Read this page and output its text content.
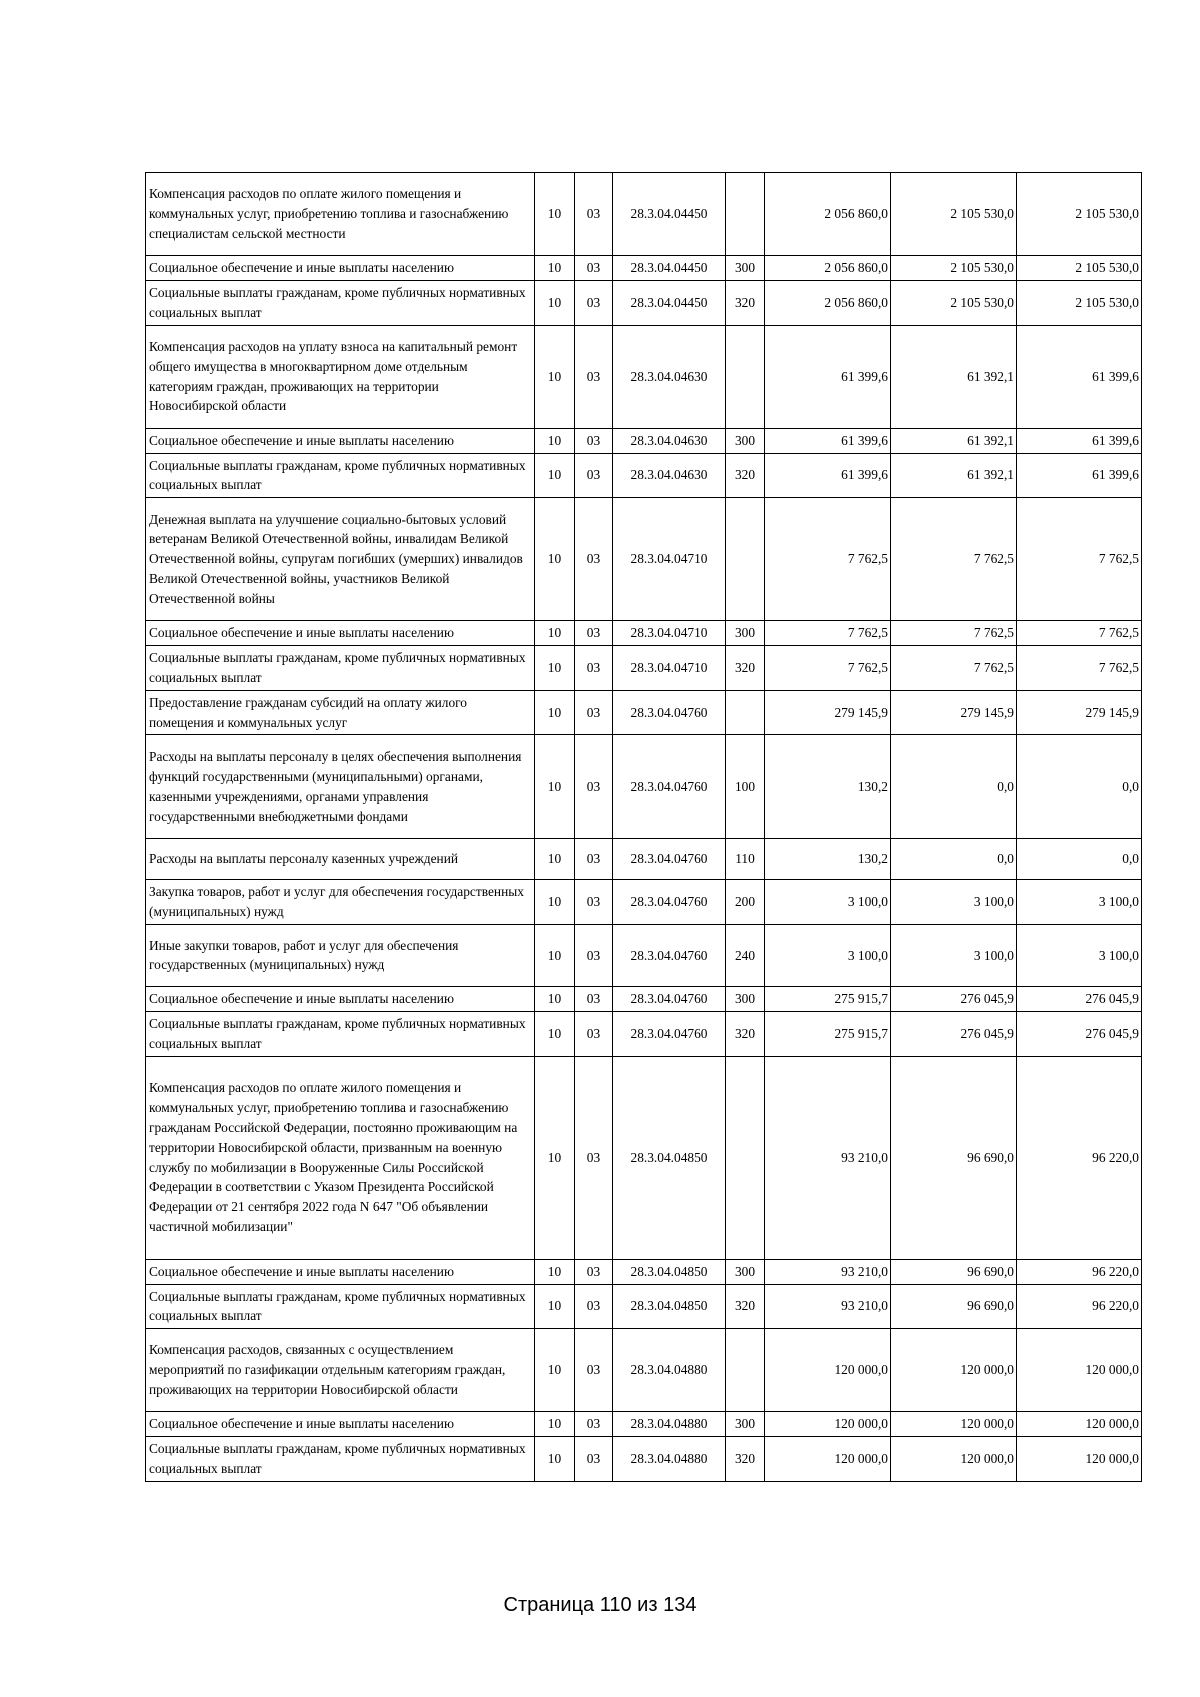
Компенсация расходов по оплате жилого помещения и коммунальных услуг, приобретению топлива и газоснабжению специалистам сельской местности	10	03	28.3.04.04450		2 056 860,0	2 105 530,0	2 105 530,0
Социальное обеспечение и иные выплаты населению	10	03	28.3.04.04450	300	2 056 860,0	2 105 530,0	2 105 530,0
Социальные выплаты гражданам, кроме публичных нормативных социальных выплат	10	03	28.3.04.04450	320	2 056 860,0	2 105 530,0	2 105 530,0
Компенсация расходов на уплату взноса на капитальный ремонт общего имущества в многоквартирном доме отдельным категориям граждан, проживающих на территории Новосибирской области	10	03	28.3.04.04630		61 399,6	61 392,1	61 399,6
Социальное обеспечение и иные выплаты населению	10	03	28.3.04.04630	300	61 399,6	61 392,1	61 399,6
Социальные выплаты гражданам, кроме публичных нормативных социальных выплат	10	03	28.3.04.04630	320	61 399,6	61 392,1	61 399,6
Денежная выплата на улучшение социально-бытовых условий ветеранам Великой Отечественной войны, инвалидам Великой Отечественной войны, супругам погибших (умерших) инвалидов Великой Отечественной войны, участников Великой Отечественной войны	10	03	28.3.04.04710		7 762,5	7 762,5	7 762,5
Социальное обеспечение и иные выплаты населению	10	03	28.3.04.04710	300	7 762,5	7 762,5	7 762,5
Социальные выплаты гражданам, кроме публичных нормативных социальных выплат	10	03	28.3.04.04710	320	7 762,5	7 762,5	7 762,5
Предоставление гражданам субсидий на оплату жилого помещения и коммунальных услуг	10	03	28.3.04.04760		279 145,9	279 145,9	279 145,9
Расходы на выплаты персоналу в целях обеспечения выполнения функций государственными (муниципальными) органами, казенными учреждениями, органами управления государственными внебюджетными фондами	10	03	28.3.04.04760	100	130,2	0,0	0,0
Расходы на выплаты персоналу казенных учреждений	10	03	28.3.04.04760	110	130,2	0,0	0,0
Закупка товаров, работ и услуг для обеспечения государственных (муниципальных) нужд	10	03	28.3.04.04760	200	3 100,0	3 100,0	3 100,0
Иные закупки товаров, работ и услуг для обеспечения государственных (муниципальных) нужд	10	03	28.3.04.04760	240	3 100,0	3 100,0	3 100,0
Социальное обеспечение и иные выплаты населению	10	03	28.3.04.04760	300	275 915,7	276 045,9	276 045,9
Социальные выплаты гражданам, кроме публичных нормативных социальных выплат	10	03	28.3.04.04760	320	275 915,7	276 045,9	276 045,9
Компенсация расходов по оплате жилого помещения и коммунальных услуг, приобретению топлива и газоснабжению гражданам Российской Федерации, постоянно проживающим на территории Новосибирской области, призванным на военную службу по мобилизации в Вооруженные Силы Российской Федерации в соответствии с Указом Президента Российской Федерации от 21 сентября 2022 года N 647 "Об объявлении частичной мобилизации"	10	03	28.3.04.04850		93 210,0	96 690,0	96 220,0
Социальное обеспечение и иные выплаты населению	10	03	28.3.04.04850	300	93 210,0	96 690,0	96 220,0
Социальные выплаты гражданам, кроме публичных нормативных социальных выплат	10	03	28.3.04.04850	320	93 210,0	96 690,0	96 220,0
Компенсация расходов, связанных с осуществлением мероприятий по газификации отдельным категориям граждан, проживающих на территории Новосибирской области	10	03	28.3.04.04880		120 000,0	120 000,0	120 000,0
Социальное обеспечение и иные выплаты населению	10	03	28.3.04.04880	300	120 000,0	120 000,0	120 000,0
Социальные выплаты гражданам, кроме публичных нормативных социальных выплат	10	03	28.3.04.04880	320	120 000,0	120 000,0	120 000,0
Страница 110 из 134
